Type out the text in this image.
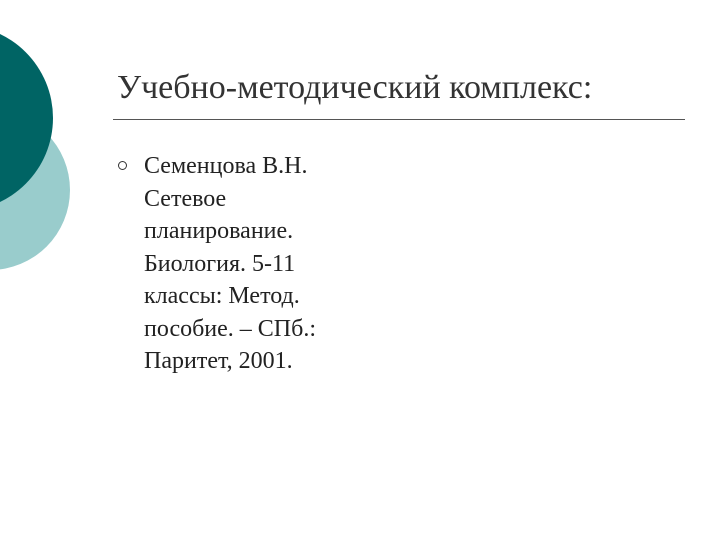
Учебно-методический комплекс:
Семенцова В.Н.
Сетевое
планирование.
Биология. 5-11
классы: Метод.
пособие. – СПб.:
Паритет, 2001.
